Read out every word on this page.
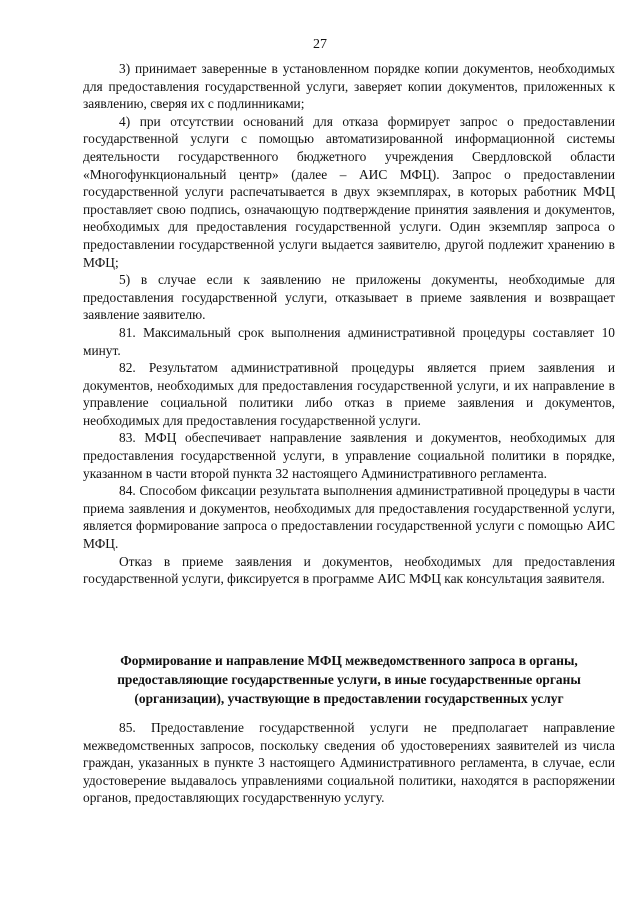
27

3) принимает заверенные в установленном порядке копии документов, необходимых для предоставления государственной услуги, заверяет копии документов, приложенных к заявлению, сверяя их с подлинниками;

4) при отсутствии оснований для отказа формирует запрос о предоставлении государственной услуги с помощью автоматизированной информационной системы деятельности государственного бюджетного учреждения Свердловской области «Многофункциональный центр» (далее – АИС МФЦ). Запрос о предоставлении государственной услуги распечатывается в двух экземплярах, в которых работник МФЦ проставляет свою подпись, означающую подтверждение принятия заявления и документов, необходимых для предоставления государственной услуги. Один экземпляр запроса о предоставлении государственной услуги выдается заявителю, другой подлежит хранению в МФЦ;

5) в случае если к заявлению не приложены документы, необходимые для предоставления государственной услуги, отказывает в приеме заявления и возвращает заявление заявителю.

81. Максимальный срок выполнения административной процедуры составляет 10 минут.

82. Результатом административной процедуры является прием заявления и документов, необходимых для предоставления государственной услуги, и их направление в управление социальной политики либо отказ в приеме заявления и документов, необходимых для предоставления государственной услуги.

83. МФЦ обеспечивает направление заявления и документов, необходимых для предоставления государственной услуги, в управление социальной политики в порядке, указанном в части второй пункта 32 настоящего Административного регламента.

84. Способом фиксации результата выполнения административной процедуры в части приема заявления и документов, необходимых для предоставления государственной услуги, является формирование запроса о предоставлении государственной услуги с помощью АИС МФЦ.

Отказ в приеме заявления и документов, необходимых для предоставления государственной услуги, фиксируется в программе АИС МФЦ как консультация заявителя.

Формирование и направление МФЦ межведомственного запроса в органы, предоставляющие государственные услуги, в иные государственные органы (организации), участвующие в предоставлении государственных услуг

85. Предоставление государственной услуги не предполагает направление межведомственных запросов, поскольку сведения об удостоверениях заявителей из числа граждан, указанных в пункте 3 настоящего Административного регламента, в случае, если удостоверение выдавалось управлениями социальной политики, находятся в распоряжении органов, предоставляющих государственную услугу.
